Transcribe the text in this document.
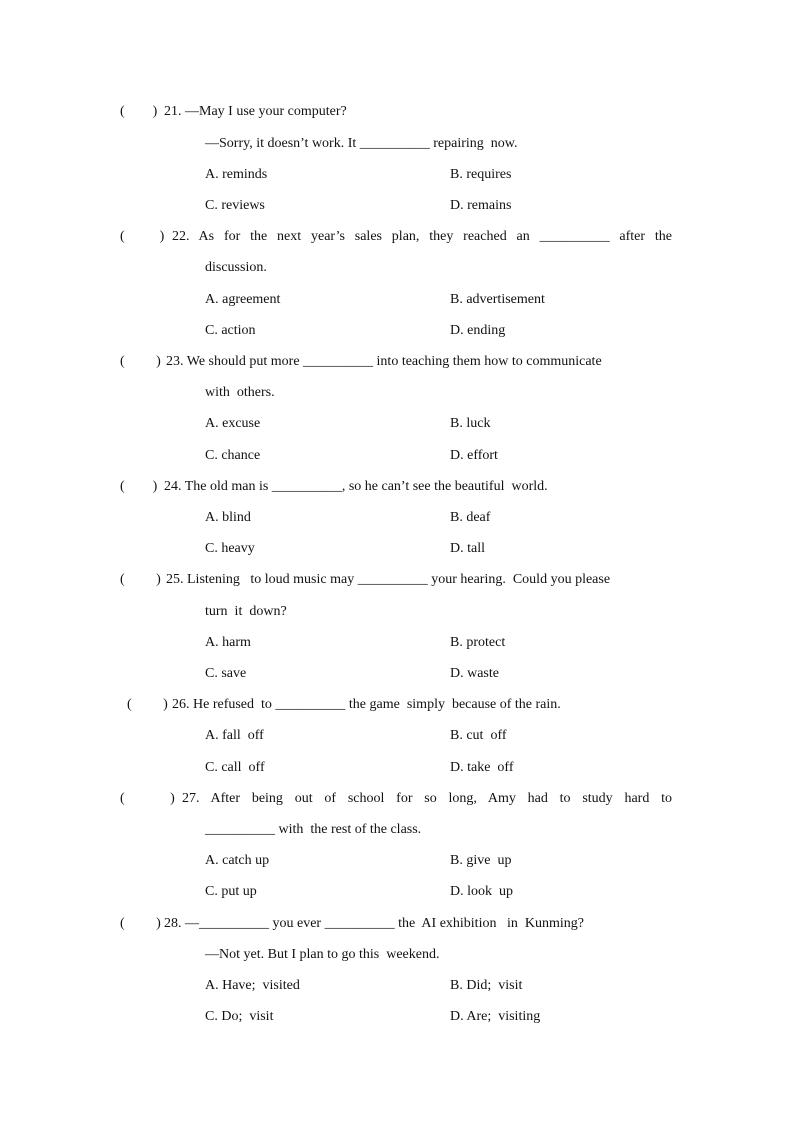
(        ) 21. —May I use your computer?
—Sorry, it doesn’t work. It __________ repairing  now.
A. reminds	B. requires
C. reviews	D. remains
(          ) 22. As for the next year’s sales plan, they reached an __________ after the
discussion.
A. agreement	B. advertisement
C. action	D. ending
(         ) 23. We should put more __________ into teaching them how to communicate
with  others.
A. excuse	B. luck
C. chance	D. effort
(        ) 24. The old man is __________, so he can’t see the beautiful  world.
A. blind	B. deaf
C. heavy	D. tall
(         ) 25. Listening   to loud music may __________ your hearing.  Could you please
turn  it  down?
A. harm	B. protect
C. save	D. waste
(         ) 26. He refused  to __________ the game  simply  because of the rain.
A. fall  off	B. cut  off
C. call  off	D. take  off
(             ) 27. After being out of school for so long, Amy had to study hard to
__________ with  the rest of the class.
A. catch up	B. give  up
C. put up	D. look  up
(         ) 28. —__________ you ever __________ the  AI exhibition   in  Kunming?
—Not yet. But I plan to go this  weekend.
A. Have;  visited	B. Did;  visit
C. Do;  visit	D. Are;  visiting
